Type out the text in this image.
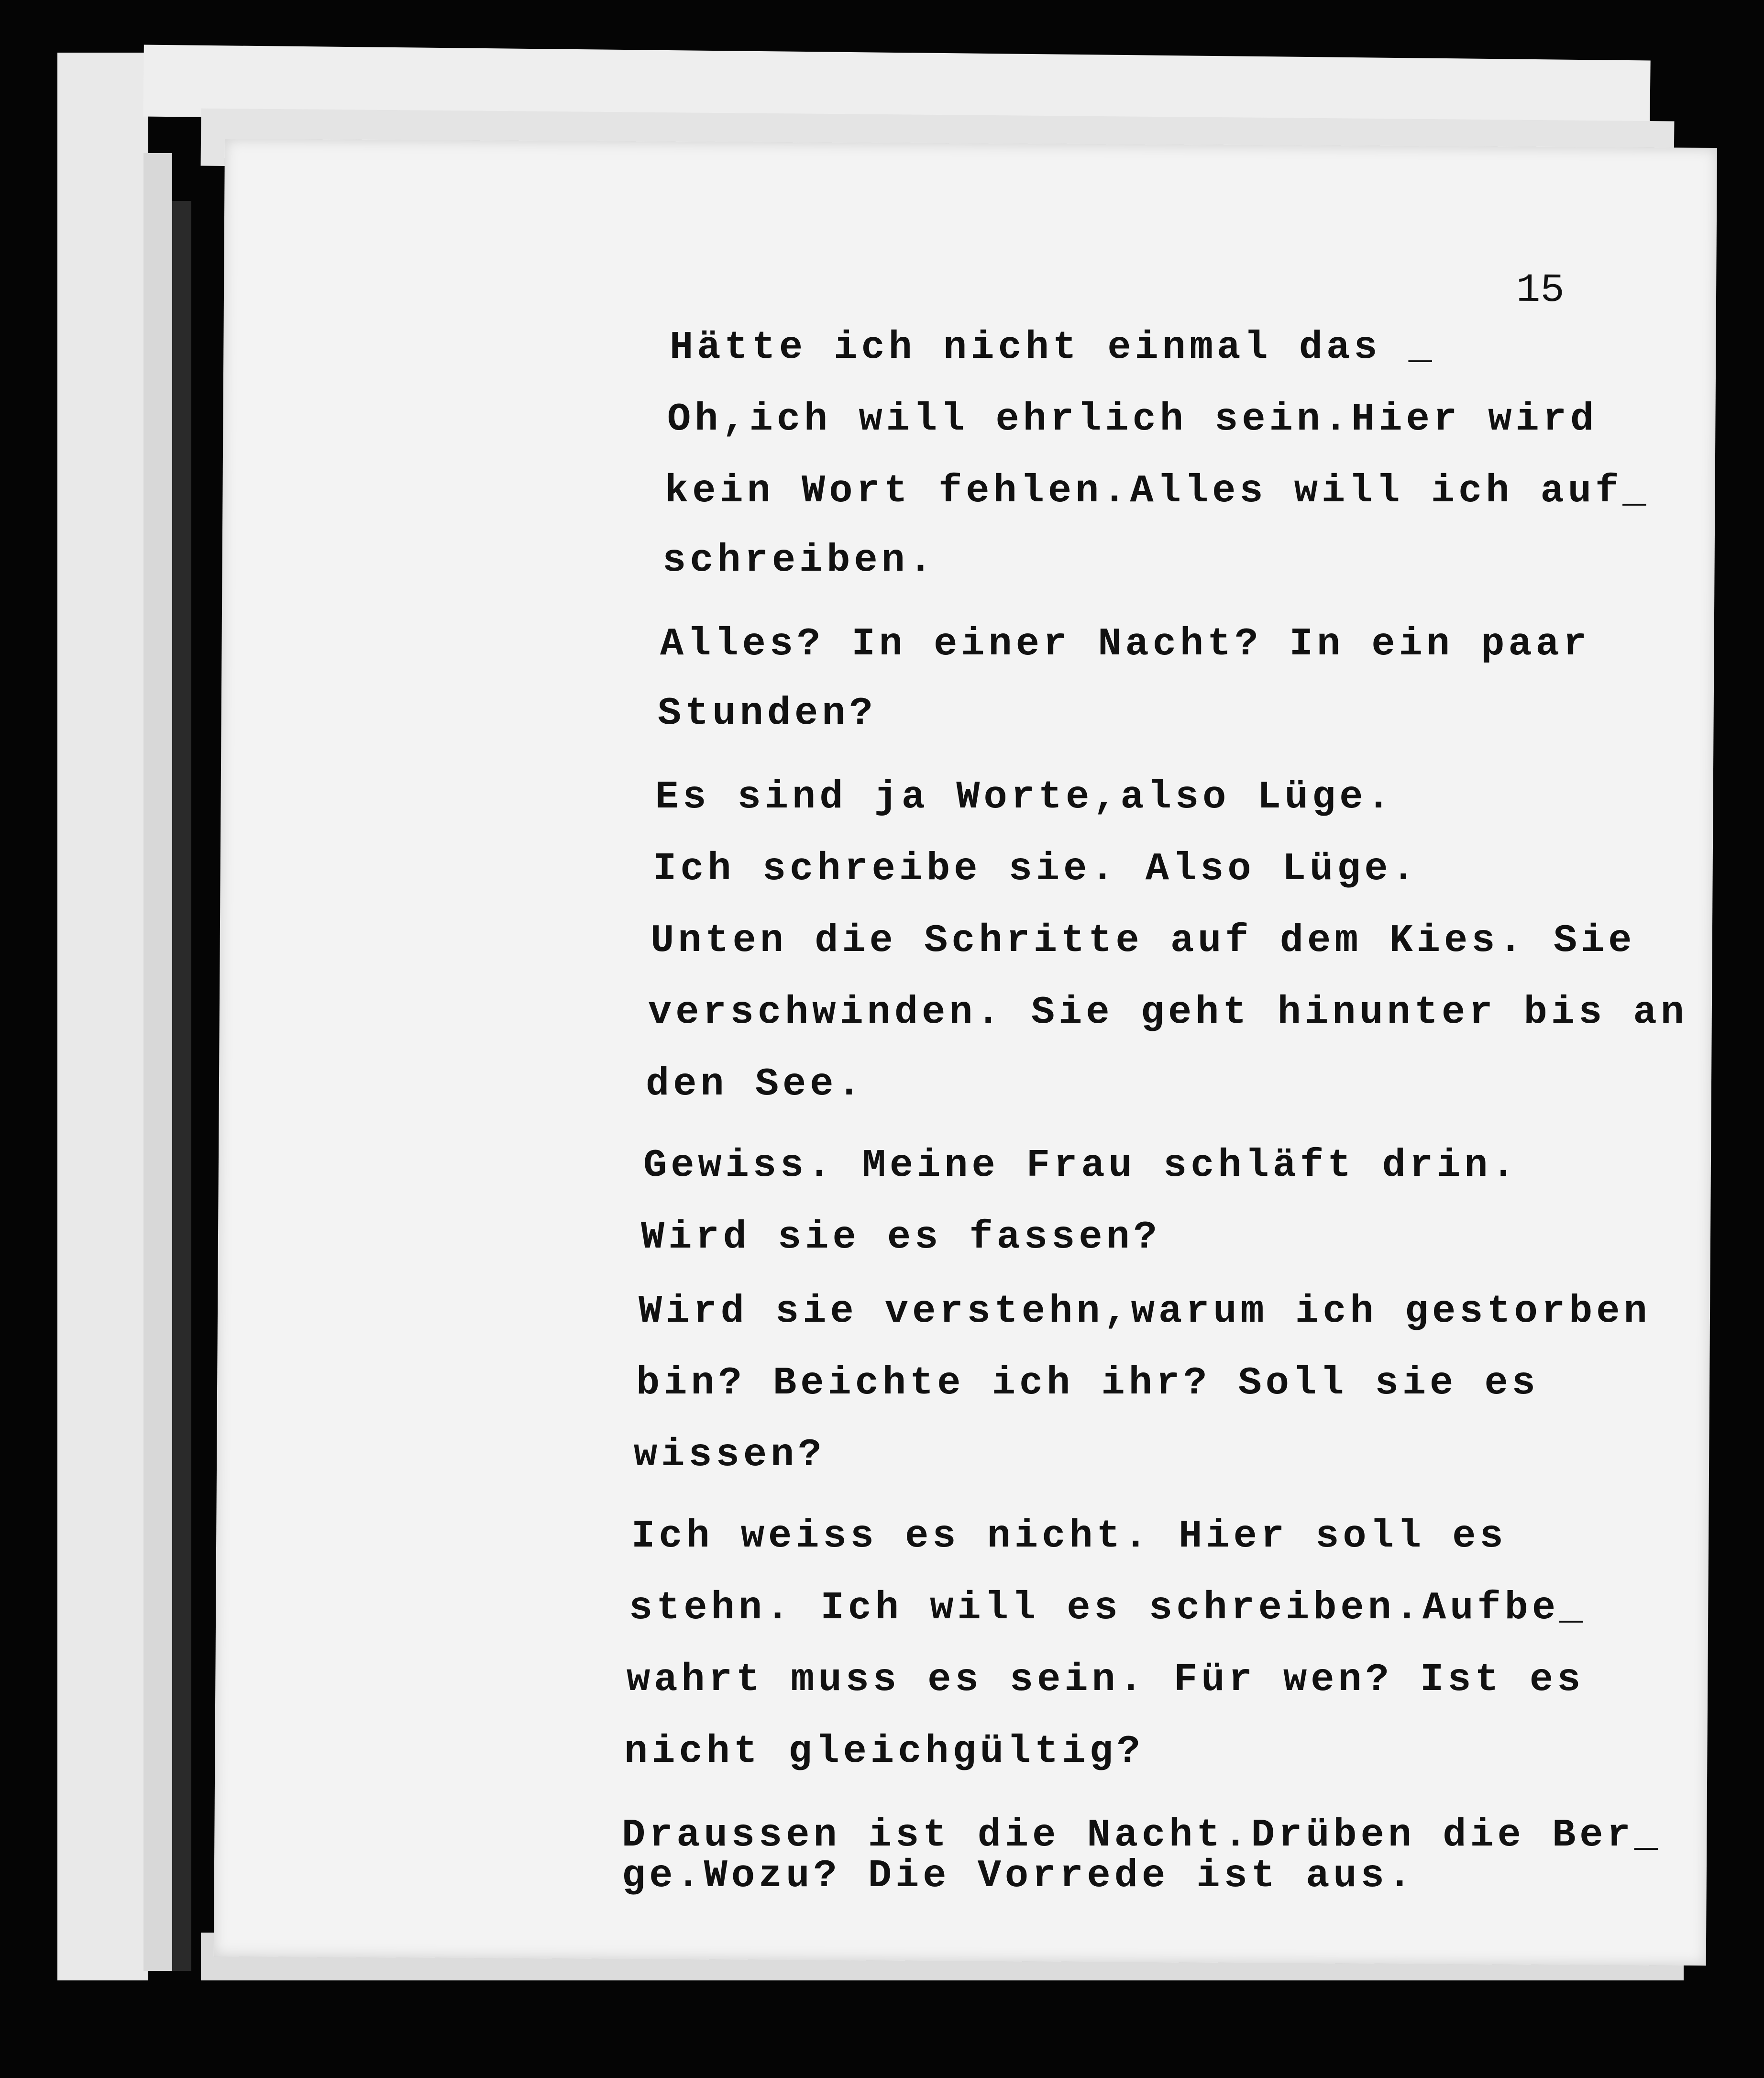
15
Hätte ich nicht einmal das _
Oh,ich will ehrlich sein.Hier wird
kein Wort fehlen.Alles will ich auf_
schreiben.
Alles? In einer Nacht? In ein paar
Stunden?
Es sind ja Worte,also Lüge.
Ich schreibe sie. Also Lüge.
Unten die Schritte auf dem Kies. Sie
verschwinden. Sie geht hinunter bis an
den See.
Gewiss. Meine Frau schläft drin.
Wird sie es fassen?
Wird sie verstehn,warum ich gestorben
bin? Beichte ich ihr? Soll sie es
wissen?
Ich weiss es nicht. Hier soll es
stehn. Ich will es schreiben.Aufbe_
wahrt muss es sein. Für wen? Ist es
nicht gleichgültig?
Draussen ist die Nacht.Drüben die Ber_
ge.Wozu? Die Vorrede ist aus.
